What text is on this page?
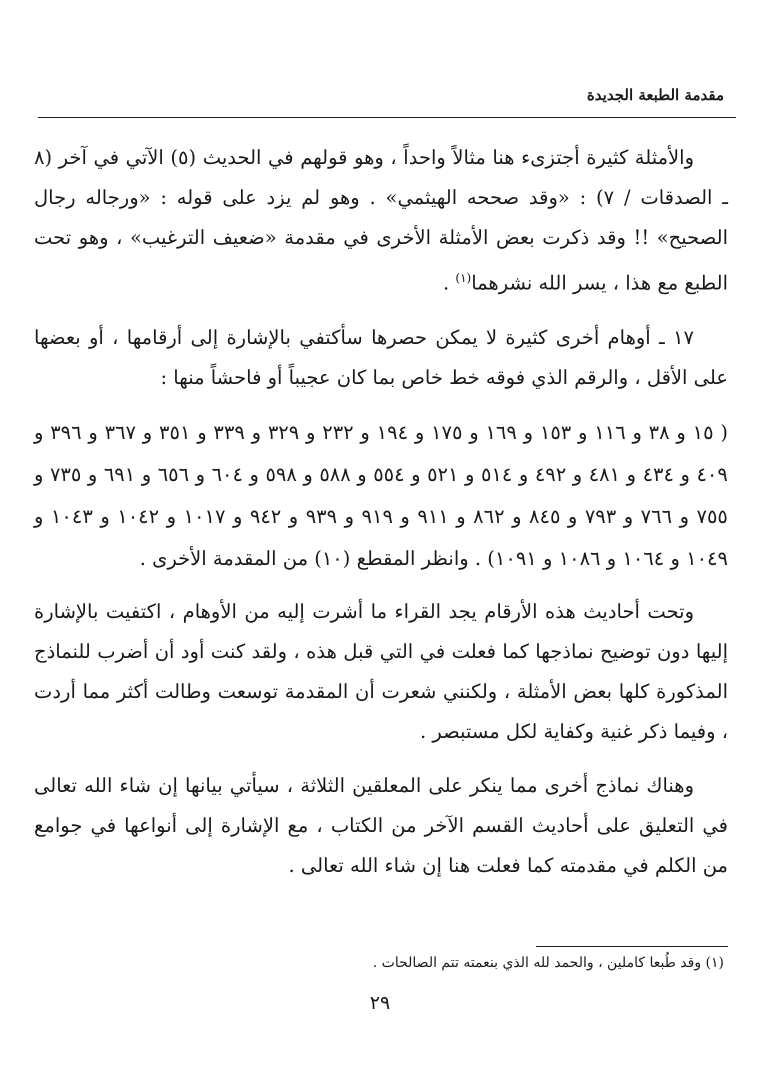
مقدمة الطبعة الجديدة

والأمثلة كثيرة أجتزىء هنا مثالاً واحداً ، وهو قولهم في الحديث (٥) الآتي في آخر (٨ ـ الصدقات / ٧) : «وقد صححه الهيثمي» . وهو لم يزد على قوله : «ورجاله رجال الصحيح» !! وقد ذكرت بعض الأمثلة الأخرى في مقدمة «ضعيف الترغيب» ، وهو تحت الطبع مع هذا ، يسر الله نشرهما$^{(١)}$ .

١٧ ـ أوهام أخرى كثيرة لا يمكن حصرها سأكتفي بالإشارة إلى أرقامها ، أو بعضها على الأقل ، والرقم الذي فوقه خط خاص بما كان عجيباً أو فاحشاً منها :

( ١٥ و ٣٨ و ١١٦ و ١٥٣ و ١٦٩ و ١٧٥ و ١٩٤ و ٢٣٢ و ٣٢٩ و ٣٣٩ و ٣٥١ و ٣٦٧ و ٣٩٦ و ٤٠٩ و ٤٣٤ و ٤٨١ و ٤٩٢ و ٥١٤ و ٥٢١ و ٥٥٤ و ٥٨٨ و ٥٩٨ و ٦٠٤ و ٦٥٦ و ٦٩١ و ٧٣٥ و ٧٥٥ و ٧٦٦ و ٧٩٣ و ٨٤٥ و ٨٦٢ و ٩١١ و ٩١٩ و ٩٣٩ و ٩٤٢ و ١٠١٧ و ١٠٤٢ و ١٠٤٣ و ١٠٤٩ و ١٠٦٤ و ١٠٨٦ و ١٠٩١) . وانظر المقطع (١٠) من المقدمة الأخرى .

وتحت أحاديث هذه الأرقام يجد القراء ما أشرت إليه من الأوهام ، اكتفيت بالإشارة إليها دون توضيح نماذجها كما فعلت في التي قبل هذه ، ولقد كنت أود أن أضرب للنماذج المذكورة كلها بعض الأمثلة ، ولكنني شعرت أن المقدمة توسعت وطالت أكثر مما أردت ، وفيما ذكر غنية وكفاية لكل مستبصر .

وهناك نماذج أخرى مما ينكر على المعلقين الثلاثة ، سيأتي بيانها إن شاء الله تعالى في التعليق على أحاديث القسم الآخر من الكتاب ، مع الإشارة إلى أنواعها في جوامع من الكلم في مقدمته كما فعلت هنا إن شاء الله تعالى .

(١) وقد طُبعا كاملين ، والحمد لله الذي بنعمته تتم الصالحات .
٢٩
